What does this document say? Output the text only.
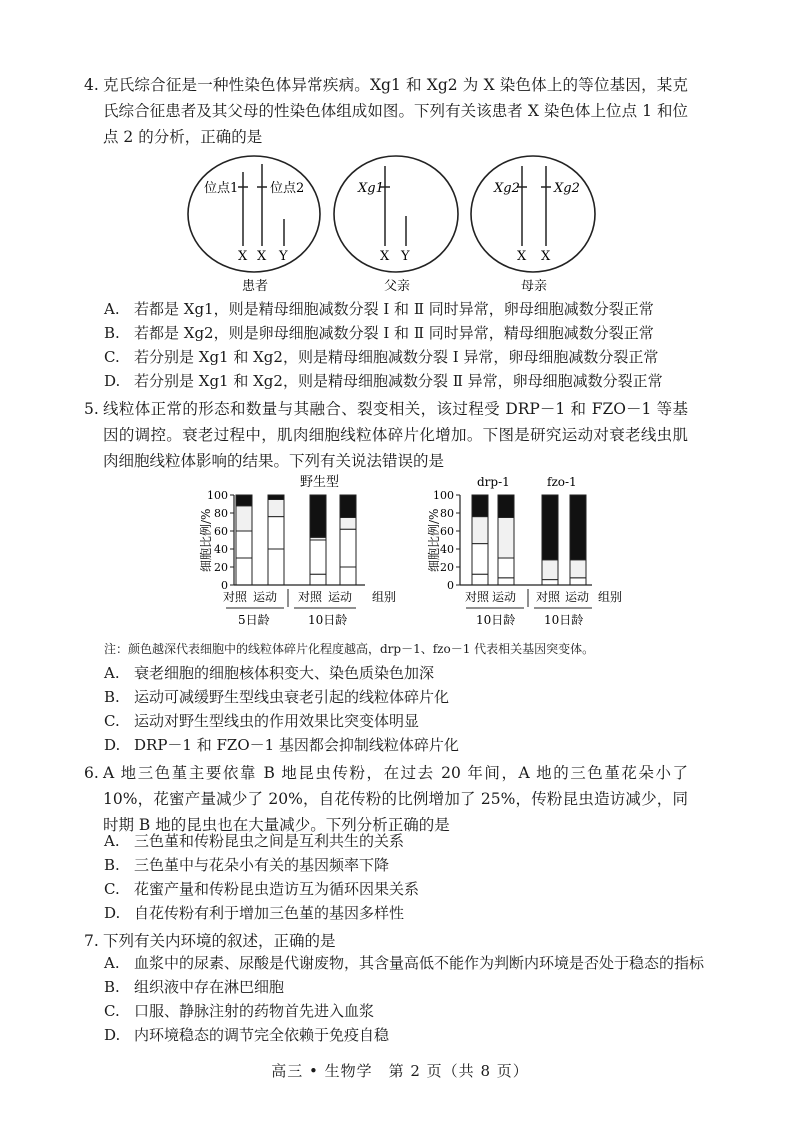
4. 克氏综合征是一种性染色体异常疾病。Xg1 和 Xg2 为 X 染色体上的等位基因，某克氏综合征患者及其父母的性染色体组成如图。下列有关该患者 X 染色体上位点 1 和位点 2 的分析，正确的是
位点1 位点2
X X Y
患者
Xg1
X Y
父亲
Xg2	Xg2
X X
母亲
A. 若都是 Xg1，则是精母细胞减数分裂 Ⅰ 和 Ⅱ 同时异常，卵母细胞减数分裂正常
B. 若都是 Xg2，则是卵母细胞减数分裂 Ⅰ 和 Ⅱ 同时异常，精母细胞减数分裂正常
C. 若分别是 Xg1 和 Xg2，则是精母细胞减数分裂 Ⅰ 异常，卵母细胞减数分裂正常
D. 若分别是 Xg1 和 Xg2，则是精母细胞减数分裂 Ⅱ 异常，卵母细胞减数分裂正常
5. 线粒体正常的形态和数量与其融合、裂变相关，该过程受 DRP－1 和 FZO－1 等基因的调控。衰老过程中，肌肉细胞线粒体碎片化增加。下图是研究运动对衰老线虫肌肉细胞线粒体影响的结果。下列有关说法错误的是
野生型
细胞比例/%
0
20
40
60
80
100
对照 运动 对照 运动
5日龄	10日龄
组别
drp-1	fzo-1
细胞比例/%
0
20
40
60
80
100
对照 运动 对照 运动
10日龄 10日龄
组别
注：颜色越深代表细胞中的线粒体碎片化程度越高，drp－1、fzo－1 代表相关基因突变体。
A. 衰老细胞的细胞核体积变大、染色质染色加深
B. 运动可减缓野生型线虫衰老引起的线粒体碎片化
C. 运动对野生型线虫的作用效果比突变体明显
D. DRP－1 和 FZO－1 基因都会抑制线粒体碎片化
6. A 地三色堇主要依靠 B 地昆虫传粉，在过去 20 年间，A 地的三色堇花朵小了 10%，花蜜产量减少了 20%，自花传粉的比例增加了 25%，传粉昆虫造访减少，同时期 B 地的昆虫也在大量减少。下列分析正确的是
A. 三色堇和传粉昆虫之间是互利共生的关系
B. 三色堇中与花朵小有关的基因频率下降
C. 花蜜产量和传粉昆虫造访互为循环因果关系
D. 自花传粉有利于增加三色堇的基因多样性
7. 下列有关内环境的叙述，正确的是
A. 血浆中的尿素、尿酸是代谢废物，其含量高低不能作为判断内环境是否处于稳态的指标
B. 组织液中存在淋巴细胞
C. 口服、静脉注射的药物首先进入血浆
D. 内环境稳态的调节完全依赖于免疫自稳
高三 • 生物学　第 2 页（共 8 页）
